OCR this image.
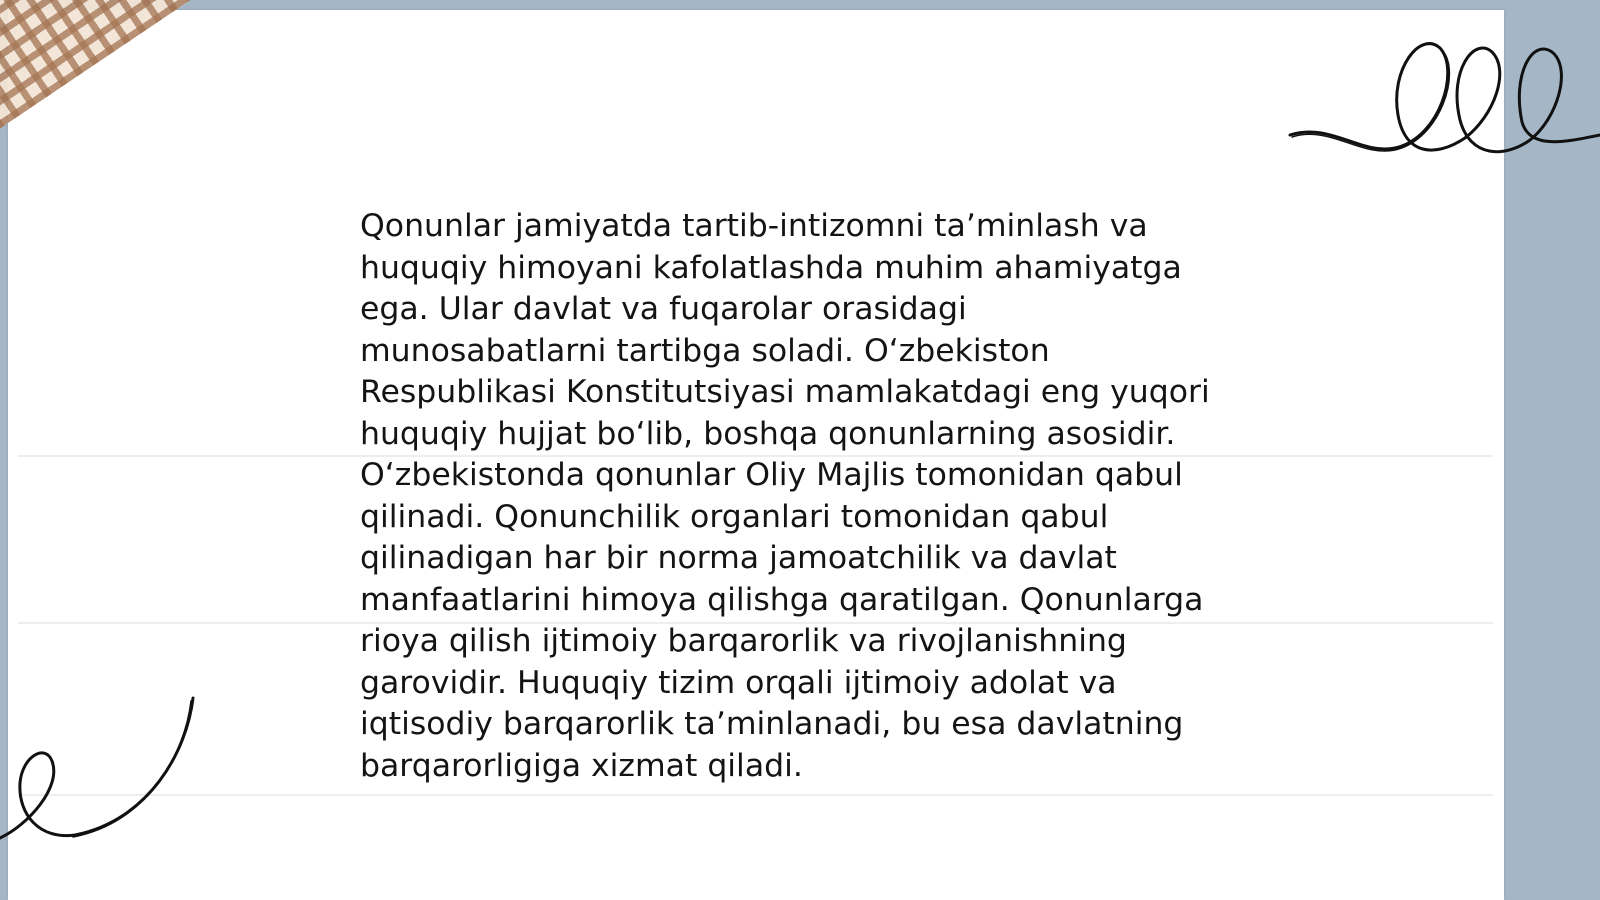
Qonunlar jamiyatda tartib-intizomni ta’minlash va
huquqiy himoyani kafolatlashda muhim ahamiyatga
ega. Ular davlat va fuqarolar orasidagi
munosabatlarni tartibga soladi. O‘zbekiston
Respublikasi Konstitutsiyasi mamlakatdagi eng yuqori
huquqiy hujjat bo‘lib, boshqa qonunlarning asosidir.
O‘zbekistonda qonunlar Oliy Majlis tomonidan qabul
qilinadi. Qonunchilik organlari tomonidan qabul
qilinadigan har bir norma jamoatchilik va davlat
manfaatlarini himoya qilishga qaratilgan. Qonunlarga
rioya qilish ijtimoiy barqarorlik va rivojlanishning
garovidir. Huquqiy tizim orqali ijtimoiy adolat va
iqtisodiy barqarorlik ta’minlanadi, bu esa davlatning
barqarorligiga xizmat qiladi.
